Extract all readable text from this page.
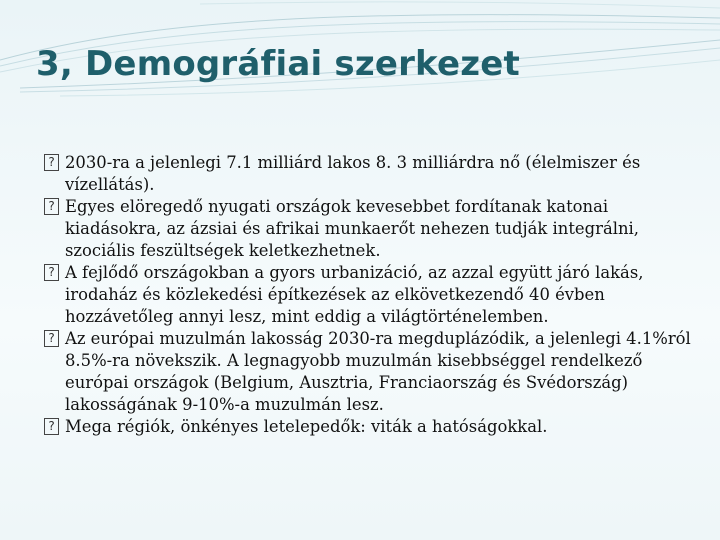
3, Demográfiai szerkezet
? 2030-ra a jelenlegi 7.1 milliárd lakos 8. 3 milliárdra nő (élelmiszer és vízellátás).
? Egyes elöregedő nyugati országok kevesebbet fordítanak katonai kiadásokra, az ázsiai és afrikai munkaerőt nehezen tudják integrálni, szociális feszültségek keletkezhetnek.
? A fejlődő országokban a gyors urbanizáció, az azzal együtt járó lakás, irodaház és közlekedési építkezések az elkövetkezendő 40 évben hozzávetőleg annyi lesz, mint eddig a világtörténelemben.
? Az európai muzulmán lakosság 2030-ra megduplázódik, a jelenlegi 4.1%ról 8.5%-ra növekszik. A legnagyobb muzulmán kisebbséggel rendelkező európai országok (Belgium, Ausztria, Franciaország és Svédország) lakosságának 9-10%-a muzulmán lesz.
? Mega régiók, önkényes letelepedők: viták a hatóságokkal.
